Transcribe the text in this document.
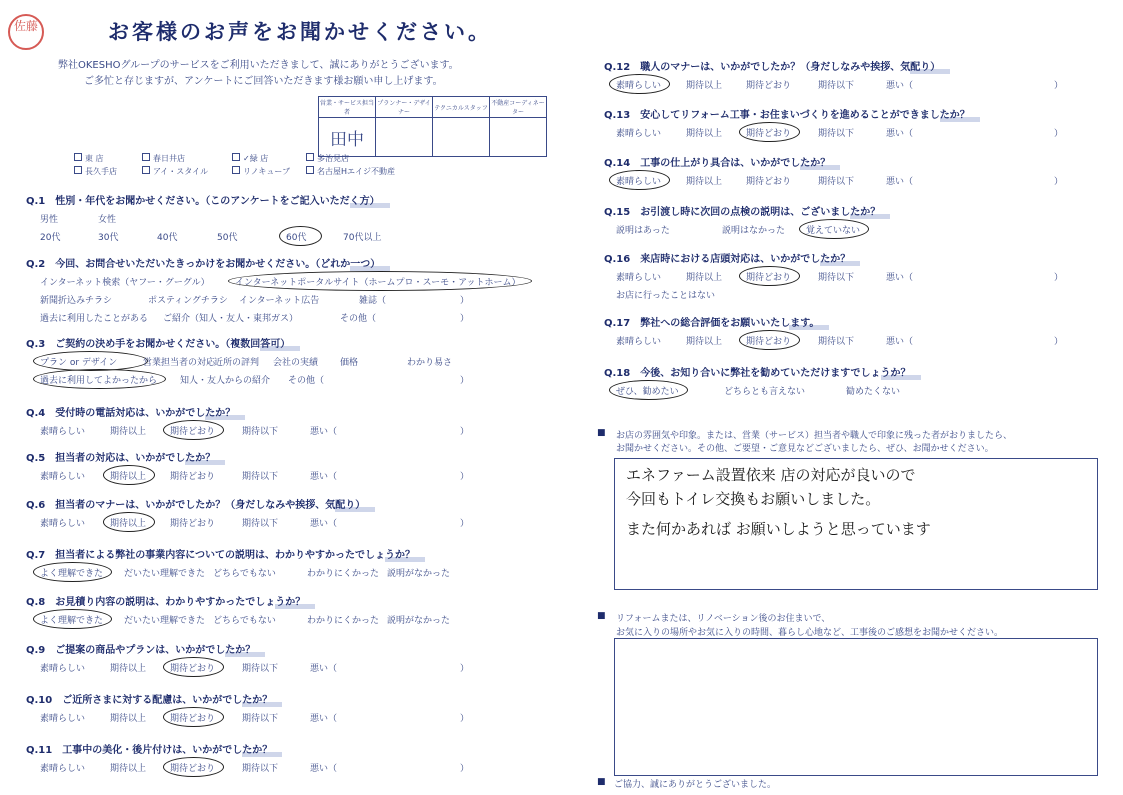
佐藤	お客様のお声をお聞かせください。
弊社OKESHOグループのサービスをご利用いただきまして、誠にありがとうございます。
ご多忙と存じますが、アンケートにご回答いただきます様お願い申し上げます。
営業・サービス担当者	プランナー・デザイナー	テクニカルスタッフ	不動産コーディネーター
田中			
東 店	春日井店	✓緑 店	多治見店
長久手店	アイ・スタイル	リノキューブ	名古屋Hエイジ不動産
Q.1　性別・年代をお聞かせください。（このアンケートをご記入いただく方）
男性	女性
20代	30代	40代	50代	60代	70代以上
Q.2　今回、お問合せいただいたきっかけをお聞かせください。（どれか一つ）
インターネット検索（ヤフー・グーグル）	インターネットポータルサイト（ホームプロ・スーモ・アットホーム）
新聞折込みチラシ	ポスティングチラシ インターネット広告	雑誌（	）
過去に利用したことがある ご紹介（知人・友人・東邦ガス）	その他（	）
Q.3　ご契約の決め手をお聞かせください。（複数回答可）
プラン or デザイン	営業担当者の対応
近所の評判 会社の実績 価格	わかり易さ
過去に利用してよかったから	知人・友人からの紹介 その他（	）
Q.4　受付時の電話対応は、いかがでしたか？
素晴らしい	期待以上	期待どおり	期待以下	悪い（	）
Q.5　担当者の対応は、いかがでしたか？
素晴らしい	期待以上	期待どおり	期待以下	悪い（	）
Q.6　担当者のマナーは、いかがでしたか？（身だしなみや挨拶、気配り）
素晴らしい	期待以上	期待どおり	期待以下	悪い（	）
Q.7　担当者による弊社の事業内容についての説明は、わかりやすかったでしょうか？
よく理解できた だいたい理解できた どちらでもない	わかりにくかった 説明がなかった
Q.8　お見積り内容の説明は、わかりやすかったでしょうか？
よく理解できた だいたい理解できた どちらでもない	わかりにくかった 説明がなかった
Q.9　ご提案の商品やプランは、いかがでしたか？
素晴らしい	期待以上	期待どおり	期待以下	悪い（	）
Q.10　ご近所さまに対する配慮は、いかがでしたか？
素晴らしい	期待以上	期待どおり	期待以下	悪い（	）
Q.11　工事中の美化・後片付けは、いかがでしたか？
素晴らしい	期待以上	期待どおり	期待以下	悪い（	）
Q.12　職人のマナーは、いかがでしたか？（身だしなみや挨拶、気配り）
素晴らしい	期待以上	期待どおり	期待以下	悪い（	）
Q.13　安心してリフォーム工事・お住まいづくりを進めることができましたか？
素晴らしい	期待以上	期待どおり	期待以下	悪い（	）
Q.14　工事の仕上がり具合は、いかがでしたか？
素晴らしい	期待以上	期待どおり	期待以下	悪い（	）
Q.15　お引渡し時に次回の点検の説明は、ございましたか？
説明はあった	説明はなかった 覚えていない
Q.16　来店時における店頭対応は、いかがでしたか？
素晴らしい	期待以上	期待どおり	期待以下	悪い（	）
お店に行ったことはない
Q.17　弊社への総合評価をお願いいたします。
素晴らしい	期待以上	期待どおり	期待以下	悪い（	）
Q.18　今後、お知り合いに弊社を勧めていただけますでしょうか？
ぜひ、勧めたい	どちらとも言えない	勧めたくない
■ お店の雰囲気や印象。または、営業（サービス）担当者や職人で印象に残った者がおりましたら、
お聞かせください。その他、ご要望・ご意見などございましたら、ぜひ、お聞かせください。
エネファーム設置依来 店の対応が良いので
今回もトイレ交換もお願いしました。
また何かあれば お願いしようと思っています
■ リフォームまたは、リノベーション後のお住まいで、
お気に入りの場所やお気に入りの時間、暮らし心地など、工事後のご感想をお聞かせください。
■ ご協力、誠にありがとうございました。
